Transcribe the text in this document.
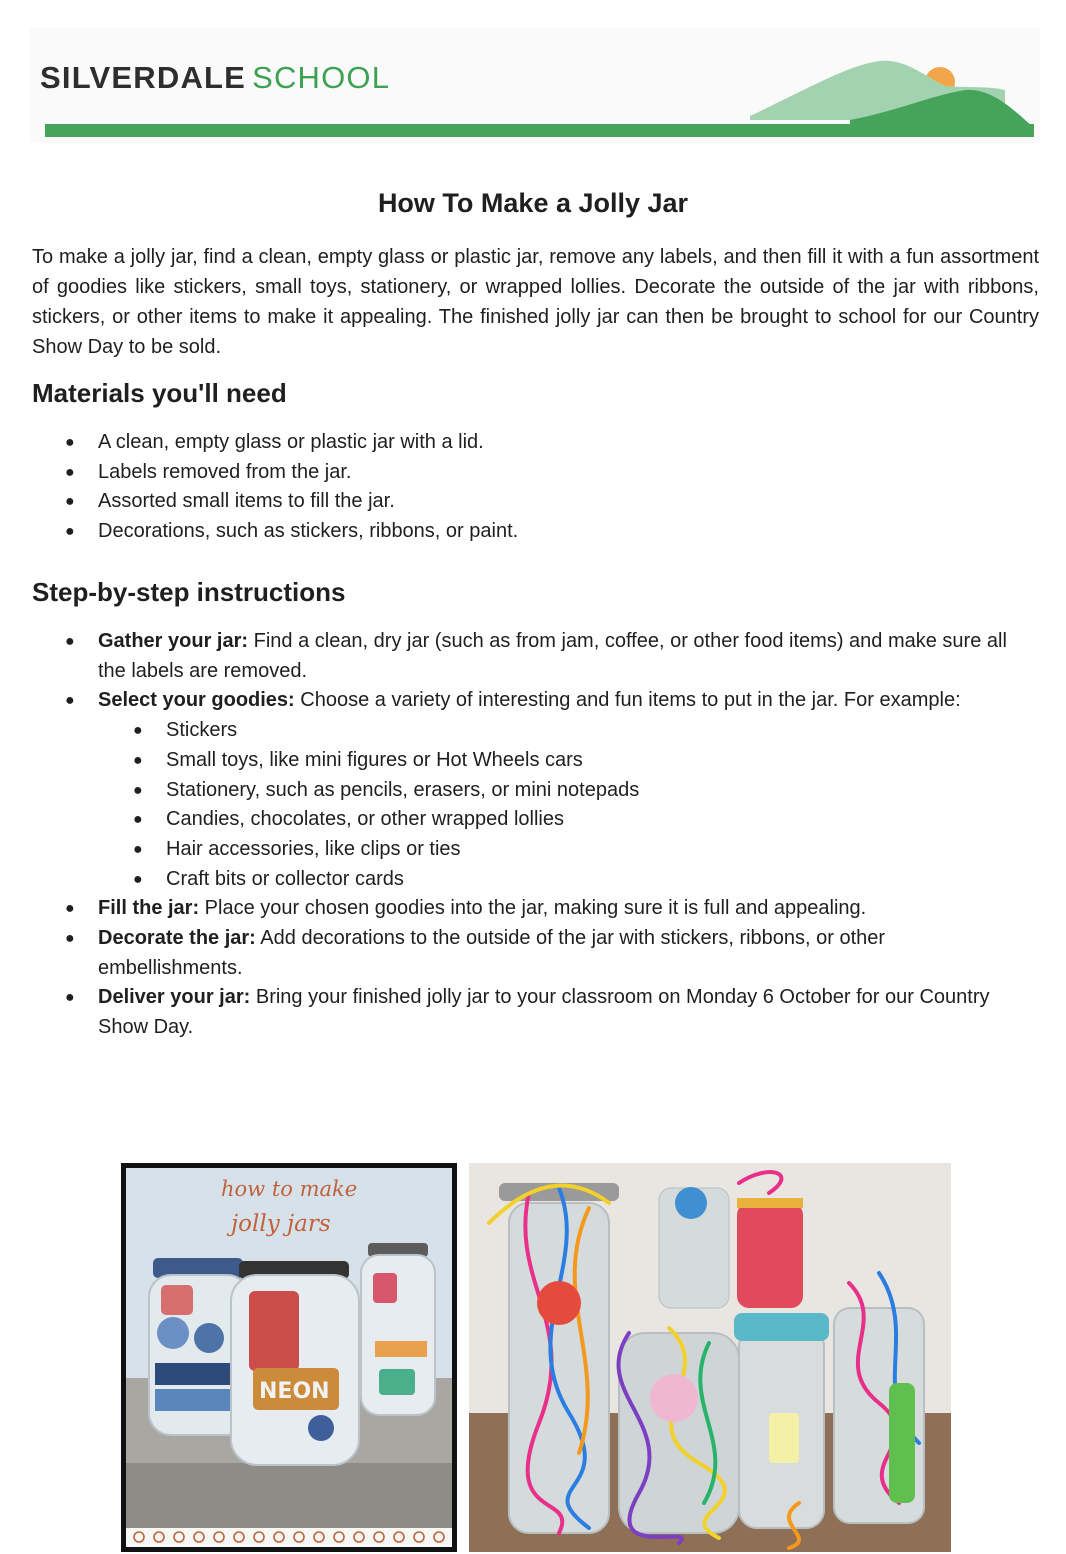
SILVERDALE SCHOOL
How To Make a Jolly Jar

To make a jolly jar, find a clean, empty glass or plastic jar, remove any labels, and then fill it with a fun assortment of goodies like stickers, small toys, stationery, or wrapped lollies. Decorate the outside of the jar with ribbons, stickers, or other items to make it appealing. The finished jolly jar can then be brought to school for our Country Show Day to be sold.

Materials you'll need
● A clean, empty glass or plastic jar with a lid.
● Labels removed from the jar.
● Assorted small items to fill the jar.
● Decorations, such as stickers, ribbons, or paint.
Step-by-step instructions
● Gather your jar: Find a clean, dry jar (such as from jam, coffee, or other food items) and make sure all the labels are removed.
● Select your goodies: Choose a variety of interesting and fun items to put in the jar. For example:
● Stickers
● Small toys, like mini figures or Hot Wheels cars
● Stationery, such as pencils, erasers, or mini notepads
● Candies, chocolates, or other wrapped lollies
● Hair accessories, like clips or ties
● Craft bits or collector cards
● Fill the jar: Place your chosen goodies into the jar, making sure it is full and appealing.
● Decorate the jar: Add decorations to the outside of the jar with stickers, ribbons, or other embellishments.
● Deliver your jar: Bring your finished jolly jar to your classroom on Monday 6 October for our Country Show Day.
how to make
jolly jars
NEON
